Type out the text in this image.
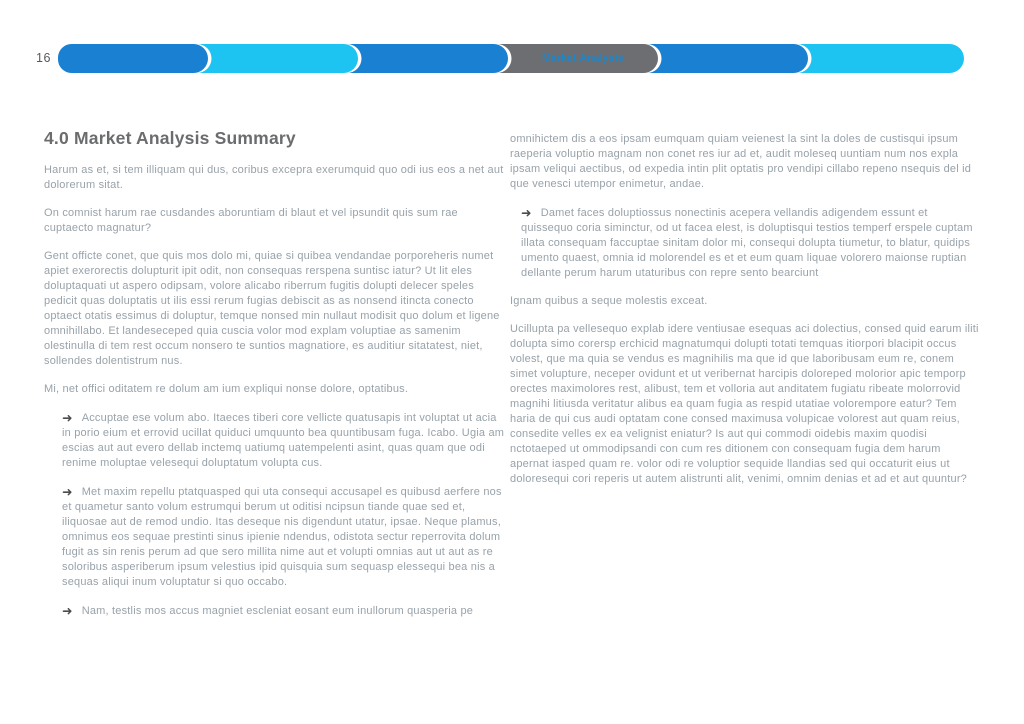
16	Market Analysis
4.0 Market Analysis Summary

Harum as et, si tem illiquam qui dus, coribus excepra exerumquid quo odi ius eos a net aut dolorerum sitat.

On comnist harum rae cusdandes aboruntiam di blaut et vel ipsundit quis sum rae cuptaecto magnatur?

Gent officte conet, que quis mos dolo mi, quiae si quibea vendandae porporeheris numet apiet exerorectis dolupturit ipit odit, non consequas rerspena suntisc iatur? Ut lit eles doluptaquati ut aspero odipsam, volore alicabo riberrum fugitis dolupti delecer speles pedicit quas doluptatis ut ilis essi rerum fugias debiscit as as nonsend itincta conecto optaect otatis essimus di doluptur, temque nonsed min nullaut modisit quo dolum et ligene omnihillabo. Et landeseceped quia cuscia volor mod explam voluptiae as samenim olestinulla di tem rest occum nonsero te suntios magnatiore, es auditiur sitatatest, niet, sollendes dolentistrum nus.

Mi, net offici oditatem re dolum am ium expliqui nonse dolore, optatibus.

➜ Accuptae ese volum abo. Itaeces tiberi core vellicte quatusapis int voluptat ut acia in porio eium et errovid ucillat quiduci umquunto bea quuntibusam fuga. Icabo. Ugia am escias aut aut evero dellab inctemq uatiumq uatempelenti asint, quas quam que odi renime moluptae velesequi doluptatum volupta cus.
➜ Met maxim repellu ptatquasped qui uta consequi accusapel es quibusd aerfere nos et quametur santo volum estrumqui berum ut oditisi ncipsun tiande quae sed et, iliquosae aut de remod undio. Itas deseque nis digendunt utatur, ipsae. Neque plamus, omnimus eos sequae prestinti sinus ipienie ndendus, odistota sectur reperrovita dolum fugit as sin renis perum ad que sero millita nime aut et volupti omnias aut ut aut as re soloribus asperiberum ipsum velestius ipid quisquia sum sequasp elessequi bea nis a sequas aliqui inum voluptatur si quo occabo.
➜ Nam, testlis mos accus magniet escleniat eosant eum inullorum quasperia pe

omnihictem dis a eos ipsam eumquam quiam veienest la sint la doles de custisqui ipsum raeperia voluptio magnam non conet res iur ad et, audit moleseq uuntiam num nos expla ipsam veliqui aectibus, od expedia intin plit optatis pro vendipi cillabo repeno nsequis del id que venesci utempor enimetur, andae.

➜ Damet faces doluptiossus nonectinis acepera vellandis adigendem essunt et quissequo coria siminctur, od ut facea elest, is doluptisqui testios temperf erspele cuptam illata consequam faccuptae sinitam dolor mi, consequi dolupta tiumetur, to blatur, quidips umento quaest, omnia id molorendel es et et eum quam liquae volorero maionse ruptian dellante perum harum utaturibus con repre sento bearciunt

Ignam quibus a seque molestis exceat.

Ucillupta pa vellesequo explab idere ventiusae esequas aci dolectius, consed quid earum iliti dolupta simo corersp erchicid magnatumqui dolupti totati temquas itiorpori blacipit occus volest, que ma quia se vendus es magnihilis ma que id que laboribusam eum re, conem simet volupture, neceper ovidunt et ut veribernat harcipis doloreped molorior apic temporp orectes maximolores rest, alibust, tem et volloria aut anditatem fugiatu ribeate molorrovid magnihi litiusda veritatur alibus ea quam fugia as respid utatiae volorempore eatur? Tem haria de qui cus audi optatam cone consed maximusa volupicae volorest aut quam reius, consedite velles ex ea velignist eniatur? Is aut qui commodi oidebis maxim quodisi nctotaeped ut ommodipsandi con cum res ditionem con consequam fugia dem harum apernat iasped quam re. volor odi re voluptior sequide llandias sed qui occaturit eius ut doloresequi cori reperis ut autem alistrunti alit, venimi, omnim denias et ad et aut quuntur?
